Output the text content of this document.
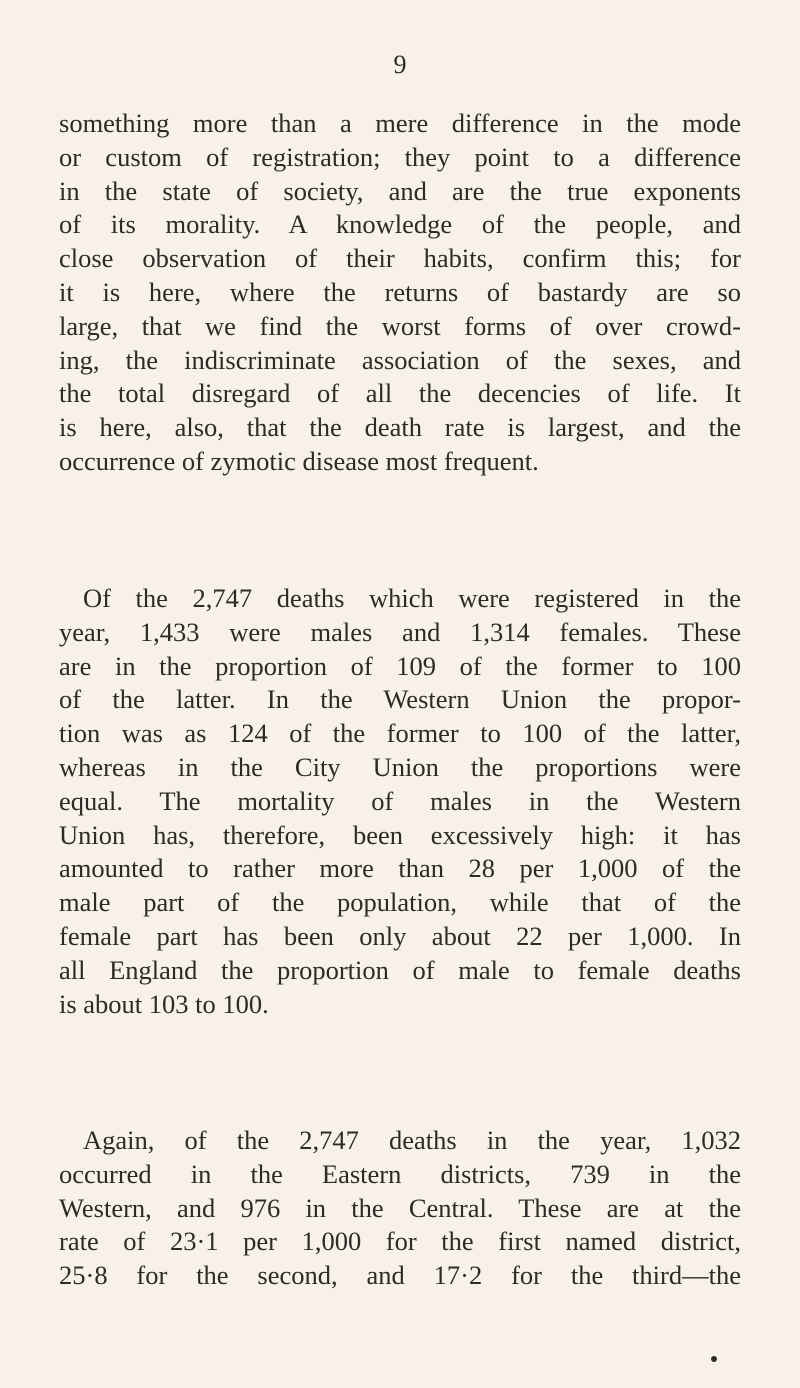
9
something more than a mere difference in the mode
or custom of registration; they point to a difference
in the state of society, and are the true exponents
of its morality. A knowledge of the people, and
close observation of their habits, confirm this; for
it is here, where the returns of bastardy are so
large, that we find the worst forms of over crowd-
ing, the indiscriminate association of the sexes, and
the total disregard of all the decencies of life. It
is here, also, that the death rate is largest, and the
occurrence of zymotic disease most frequent.
Of the 2,747 deaths which were registered in the
year, 1,433 were males and 1,314 females. These
are in the proportion of 109 of the former to 100
of the latter. In the Western Union the propor-
tion was as 124 of the former to 100 of the latter,
whereas in the City Union the proportions were
equal. The mortality of males in the Western
Union has, therefore, been excessively high: it has
amounted to rather more than 28 per 1,000 of the
male part of the population, while that of the
female part has been only about 22 per 1,000. In
all England the proportion of male to female deaths
is about 103 to 100.
Again, of the 2,747 deaths in the year, 1,032
occurred in the Eastern districts, 739 in the
Western, and 976 in the Central. These are at the
rate of 23·1 per 1,000 for the first named district,
25·8 for the second, and 17·2 for the third—the
